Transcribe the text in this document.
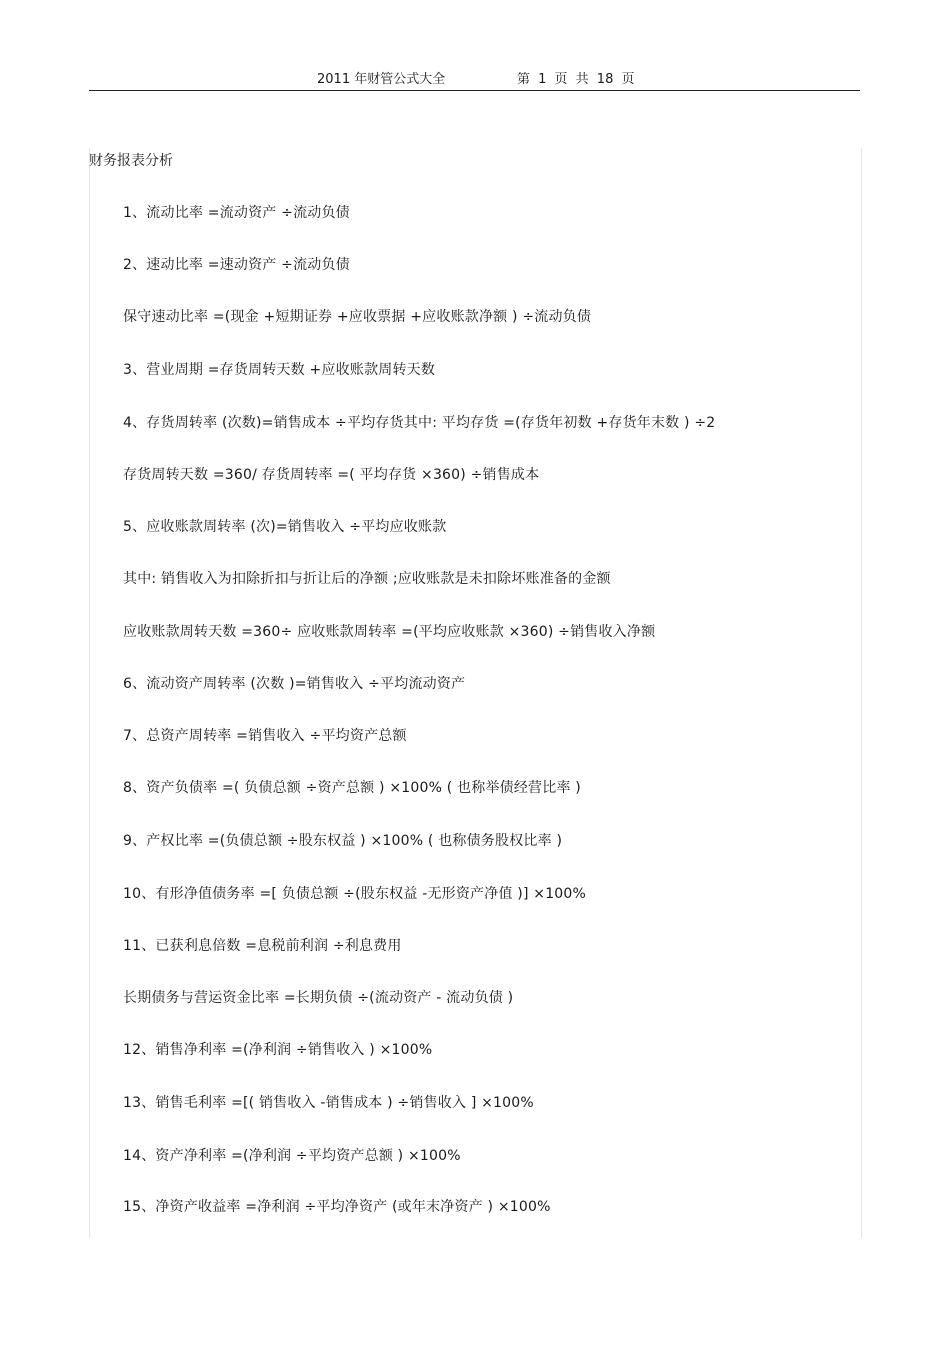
2011 年财管公式大全	第 1 页 共 18 页
财务报表分析
1、流动比率 =流动资产 ÷流动负债
2、速动比率 =速动资产 ÷流动负债
保守速动比率 =(现金 +短期证券 +应收票据 +应收账款净额 ) ÷流动负债
3、营业周期 =存货周转天数 +应收账款周转天数
4、存货周转率 (次数)=销售成本 ÷平均存货其中: 平均存货 =(存货年初数 +存货年末数 ) ÷2
存货周转天数 =360/ 存货周转率 =( 平均存货 ×360) ÷销售成本
5、应收账款周转率 (次)=销售收入 ÷平均应收账款
其中: 销售收入为扣除折扣与折让后的净额 ;应收账款是未扣除坏账准备的金额
应收账款周转天数 =360÷ 应收账款周转率 =(平均应收账款 ×360) ÷销售收入净额
6、流动资产周转率 (次数 )=销售收入 ÷平均流动资产
7、总资产周转率 =销售收入 ÷平均资产总额
8、资产负债率 =( 负债总额 ÷资产总额 ) ×100% ( 也称举债经营比率 )
9、产权比率 =(负债总额 ÷股东权益 ) ×100% ( 也称债务股权比率 )
10、有形净值债务率 =[ 负债总额 ÷(股东权益 -无形资产净值 )] ×100%
11、已获利息倍数 =息税前利润 ÷利息费用
长期债务与营运资金比率 =长期负债 ÷(流动资产 - 流动负债 )
12、销售净利率 =(净利润 ÷销售收入 ) ×100%
13、销售毛利率 =[( 销售收入 -销售成本 ) ÷销售收入 ] ×100%
14、资产净利率 =(净利润 ÷平均资产总额 ) ×100%
15、净资产收益率 =净利润 ÷平均净资产 (或年末净资产 ) ×100%
